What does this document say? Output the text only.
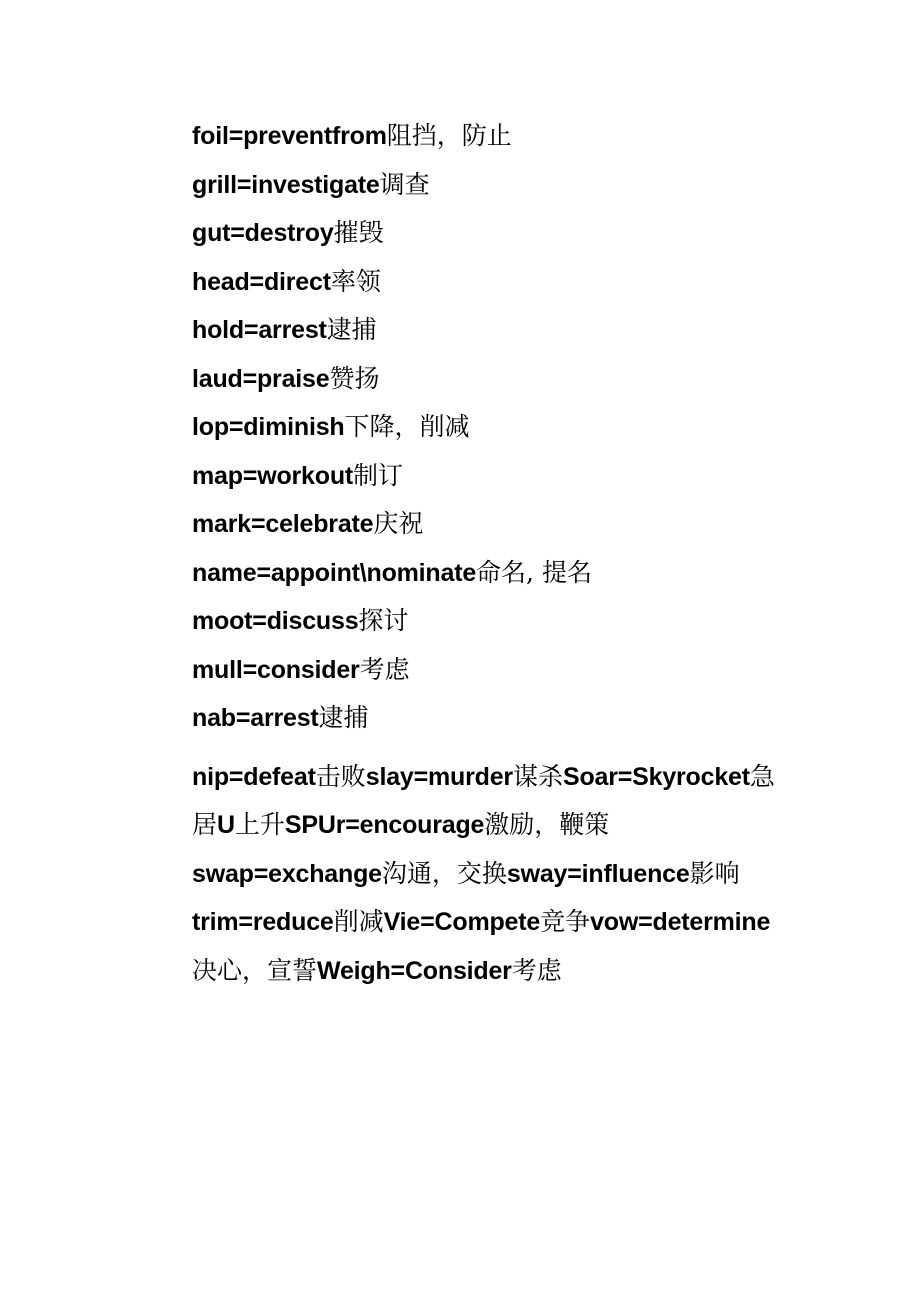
foil=preventfrom阻挡，防止
grill=investigate调查
gut=destroy摧毁
head=direct率领
hold=arrest逮捕
laud=praise赞扬
lop=diminish下降，削减
map=workout制订
mark=celebrate庆祝
name=appoint\nominate命名, 提名
moot=discuss探讨
mull=consider考虑
nab=arrest逮捕
nip=defeat击败slay=murder谋杀Soar=Skyrocket急
居U上升SPUr=encourage激励，鞭策
swap=exchange沟通，交换sway=influence影响
trim=reduce削减Vie=Compete竞争vow=determine
决心，宣誓Weigh=Consider考虑
